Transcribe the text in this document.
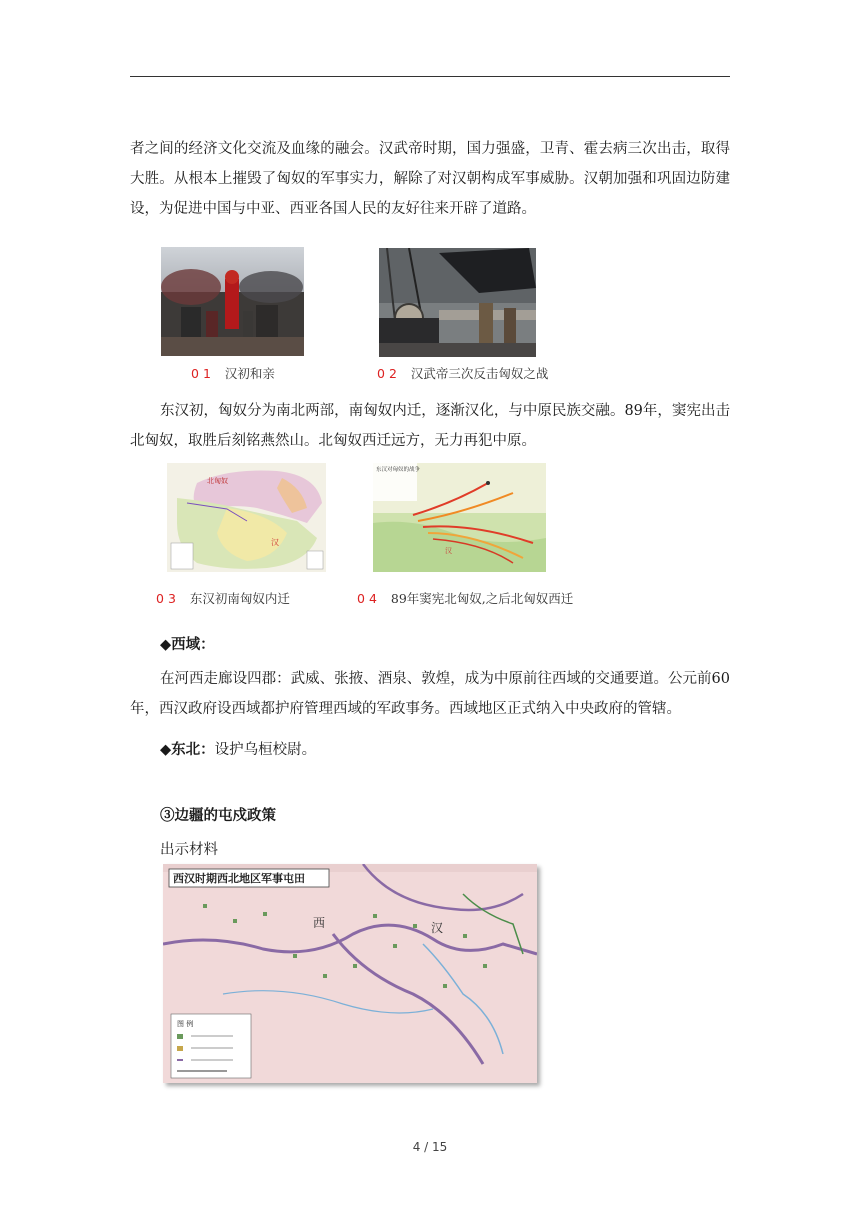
者之间的经济文化交流及血缘的融会。汉武帝时期，国力强盛，卫青、霍去病三次出击，取得大胜。从根本上摧毁了匈奴的军事实力，解除了对汉朝构成军事威胁。汉朝加强和巩固边防建设，为促进中国与中亚、西亚各国人民的友好往来开辟了道路。

01 汉初和亲	02 汉武帝三次反击匈奴之战

东汉初，匈奴分为南北两部，南匈奴内迁，逐渐汉化，与中原民族交融。89年，窦宪出击北匈奴，取胜后刻铭燕然山。北匈奴西迁远方，无力再犯中原。

北匈奴
汉
东汉对匈奴的战争
汉
03 东汉初南匈奴内迁	04 89年窦宪北匈奴,之后北匈奴西迁
◆西域：

在河西走廊设四郡：武威、张掖、酒泉、敦煌，成为中原前往西域的交通要道。公元前60年，西汉政府设西域都护府管理西域的军政事务。西域地区正式纳入中央政府的管辖。

◆东北：设护乌桓校尉。
③边疆的屯戍政策
出示材料
西汉时期西北地区军事屯田
西	汉
图 例
4 / 15
